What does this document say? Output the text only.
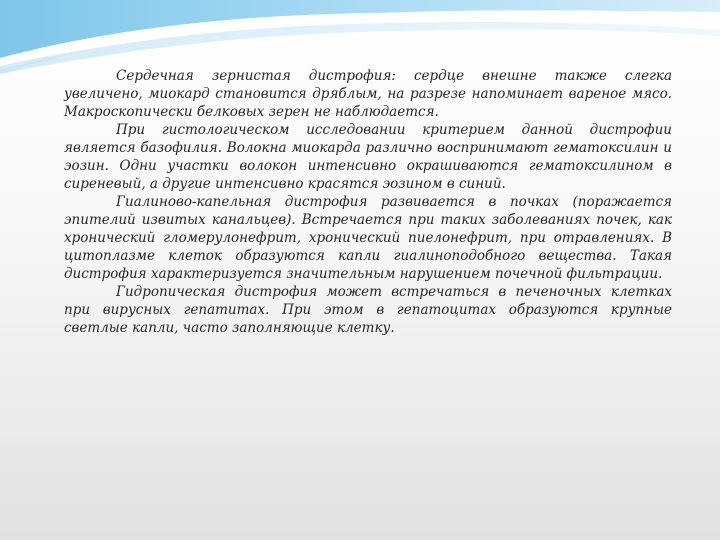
Сердечная зернистая дистрофия: сердце внешне также слегка увеличено, миокард становится дряблым, на разрезе напоминает вареное мясо. Макроскопически белковых зерен не наблюдается.

При гистологическом исследовании критерием данной дистрофии является базофилия. Волокна миокарда различно воспринимают гематоксилин и эозин. Одни участки волокон интенсивно окрашиваются гематоксилином в сиреневый, а другие интенсивно красятся эозином в синий.

Гиалиново-капельная дистрофия развивается в почках (поражается эпителий извитых канальцев). Встречается при таких заболеваниях почек, как хронический гломерулонефрит, хронический пиелонефрит, при отравлениях. В цитоплазме клеток образуются капли гиалиноподобного вещества. Такая дистрофия характеризуется значительным нарушением почечной фильтрации.

Гидропическая дистрофия может встречаться в печеночных клетках при вирусных гепатитах. При этом в гепатоцитах образуются крупные светлые капли, часто заполняющие клетку.
